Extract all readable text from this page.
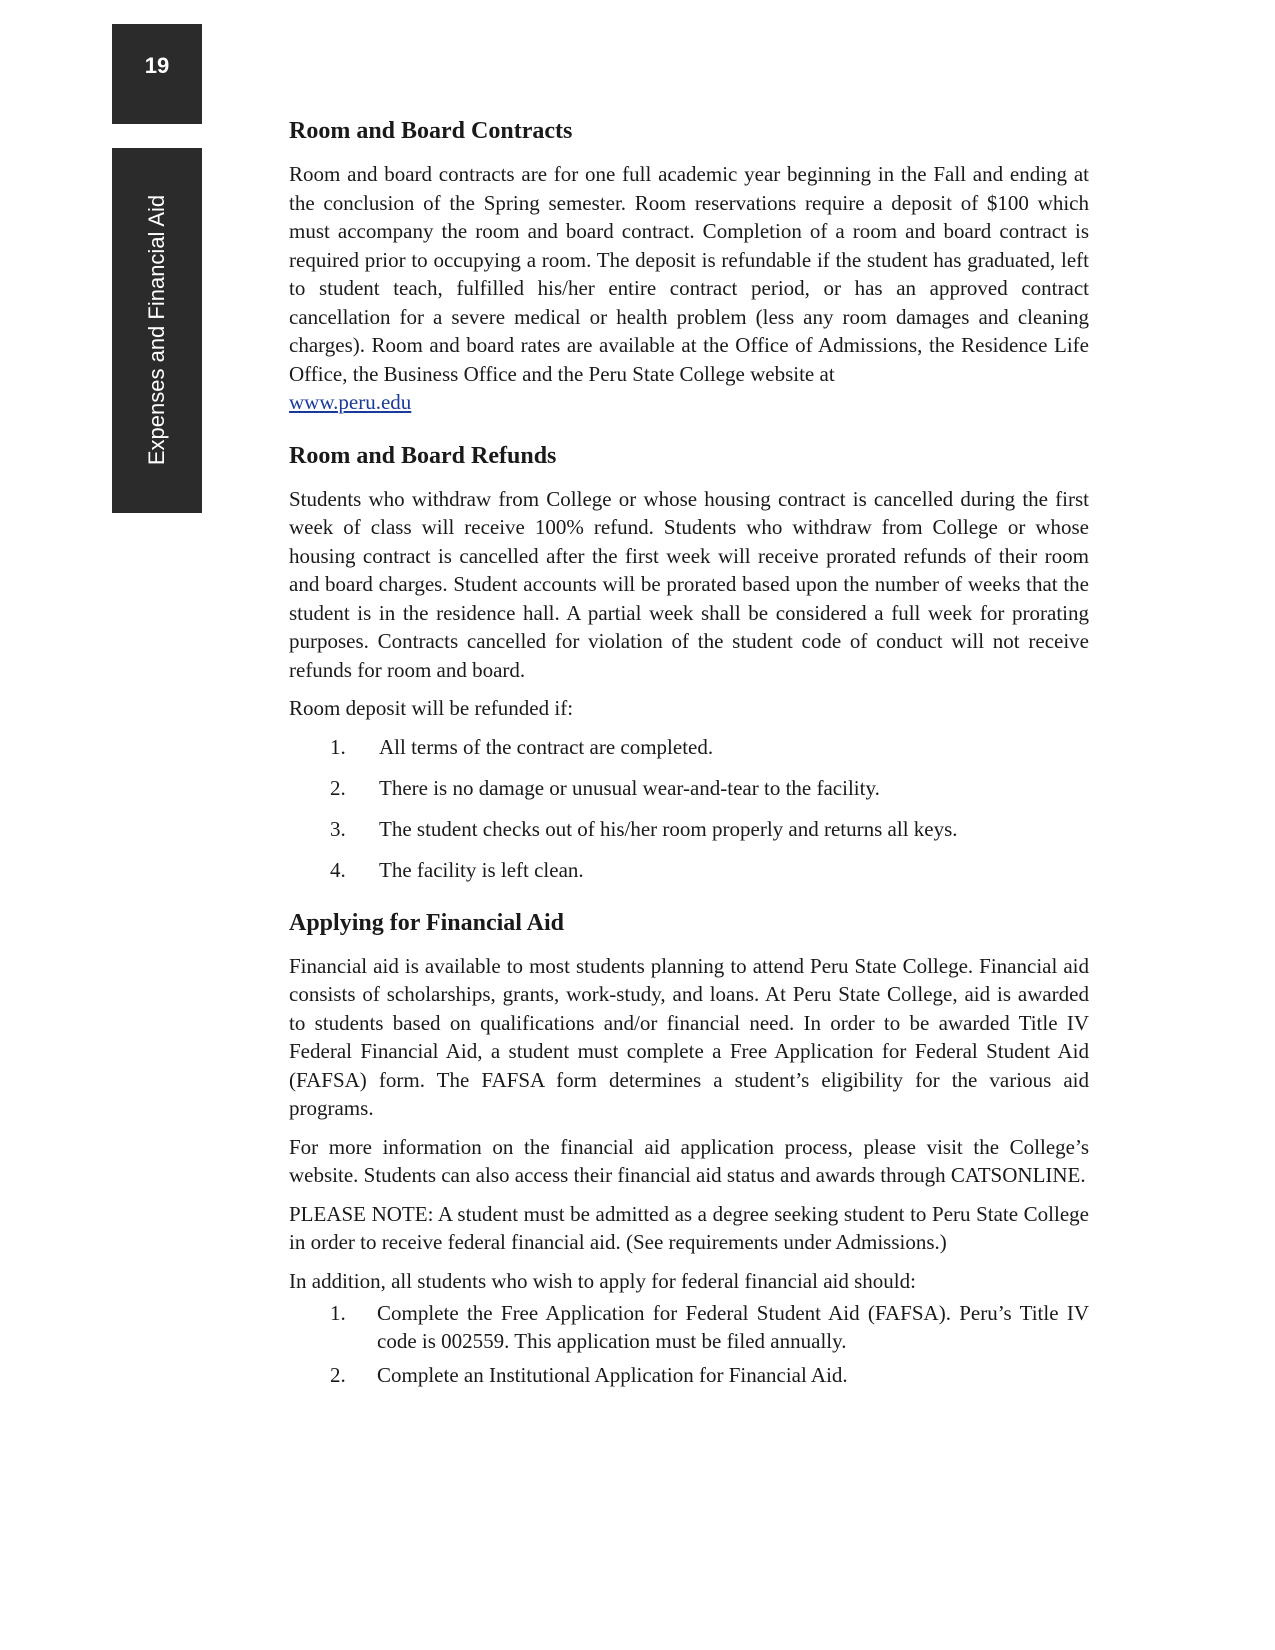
19
Expenses and Financial Aid
Room and Board Contracts

Room and board contracts are for one full academic year beginning in the Fall and ending at the conclusion of the Spring semester. Room reservations require a deposit of $100 which must accompany the room and board contract. Completion of a room and board contract is required prior to occupying a room. The deposit is refundable if the student has graduated, left to student teach, fulfilled his/her entire contract period, or has an approved contract cancellation for a severe medical or health problem (less any room damages and cleaning charges). Room and board rates are available at the Office of Admissions, the Residence Life Office, the Business Office and the Peru State College website at
www.peru.edu

Room and Board Refunds

Students who withdraw from College or whose housing contract is cancelled during the first week of class will receive 100% refund. Students who withdraw from College or whose housing contract is cancelled after the first week will receive prorated refunds of their room and board charges. Student accounts will be prorated based upon the number of weeks that the student is in the residence hall. A partial week shall be considered a full week for prorating purposes. Contracts cancelled for violation of the student code of conduct will not receive refunds for room and board.

Room deposit will be refunded if:

1. All terms of the contract are completed.
2. There is no damage or unusual wear-and-tear to the facility.
3. The student checks out of his/her room properly and returns all keys.
4. The facility is left clean.
Applying for Financial Aid

Financial aid is available to most students planning to attend Peru State College. Financial aid consists of scholarships, grants, work-study, and loans. At Peru State College, aid is awarded to students based on qualifications and/or financial need. In order to be awarded Title IV Federal Financial Aid, a student must complete a Free Application for Federal Student Aid (FAFSA) form. The FAFSA form determines a student’s eligibility for the various aid programs.

For more information on the financial aid application process, please visit the College’s website. Students can also access their financial aid status and awards through CATSONLINE.

PLEASE NOTE: A student must be admitted as a degree seeking student to Peru State College in order to receive federal financial aid. (See requirements under Admissions.)

In addition, all students who wish to apply for federal financial aid should:

1. Complete the Free Application for Federal Student Aid (FAFSA). Peru’s Title IV code is 002559. This application must be filed annually.
2. Complete an Institutional Application for Financial Aid.
